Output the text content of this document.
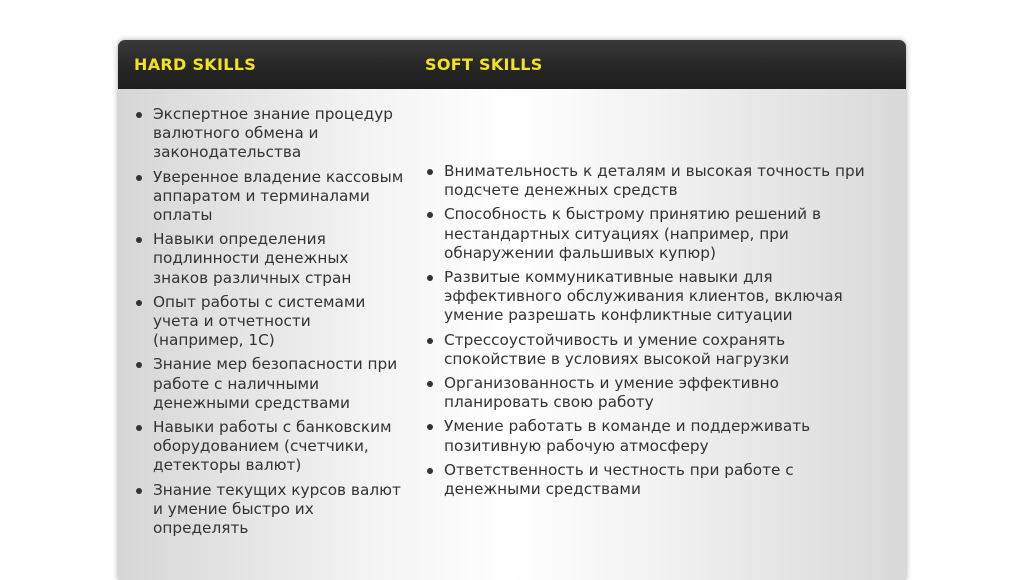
HARD SKILLS	SOFT SKILLS
Экспертное знание процедур валютного обмена и законодательства
Уверенное владение кассовым аппаратом и терминалами оплаты
Навыки определения подлинности денежных знаков различных стран
Опыт работы с системами учета и отчетности (например, 1С)
Знание мер безопасности при работе с наличными денежными средствами
Навыки работы с банковским оборудованием (счетчики, детекторы валют)
Знание текущих курсов валют и умение быстро их определять
Внимательность к деталям и высокая точность при подсчете денежных средств
Способность к быстрому принятию решений в нестандартных ситуациях (например, при обнаружении фальшивых купюр)
Развитые коммуникативные навыки для эффективного обслуживания клиентов, включая умение разрешать конфликтные ситуации
Стрессоустойчивость и умение сохранять спокойствие в условиях высокой нагрузки
Организованность и умение эффективно планировать свою работу
Умение работать в команде и поддерживать позитивную рабочую атмосферу
Ответственность и честность при работе с денежными средствами
